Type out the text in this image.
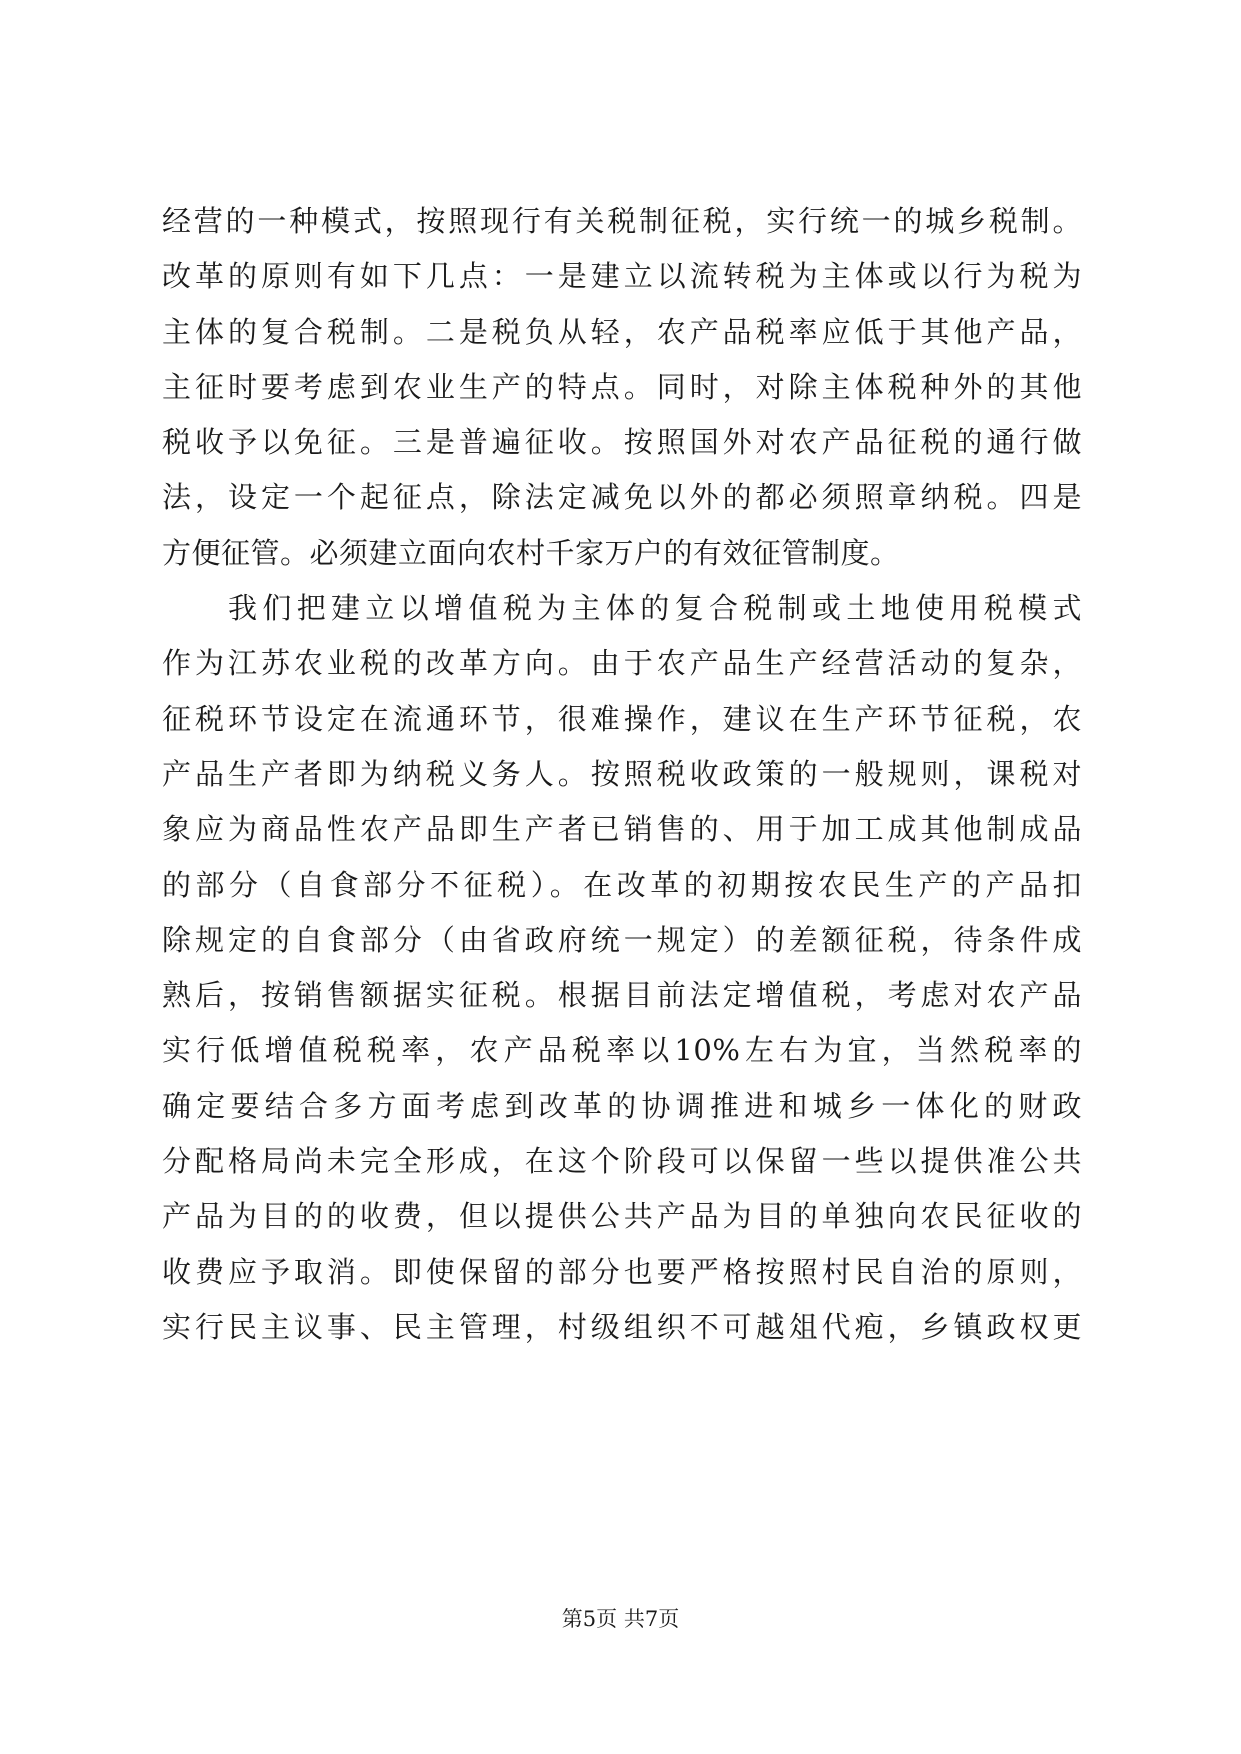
经营的一种模式，按照现行有关税制征税，实行统一的城乡税制。
改革的原则有如下几点：一是建立以流转税为主体或以行为税为
主体的复合税制。二是税负从轻，农产品税率应低于其他产品，
主征时要考虑到农业生产的特点。同时，对除主体税种外的其他
税收予以免征。三是普遍征收。按照国外对农产品征税的通行做
法，设定一个起征点，除法定减免以外的都必须照章纳税。四是
方便征管。必须建立面向农村千家万户的有效征管制度。
我们把建立以增值税为主体的复合税制或土地使用税模式
作为江苏农业税的改革方向。由于农产品生产经营活动的复杂，
征税环节设定在流通环节，很难操作，建议在生产环节征税，农
产品生产者即为纳税义务人。按照税收政策的一般规则，课税对
象应为商品性农产品即生产者已销售的、用于加工成其他制成品
的部分（自食部分不征税）。在改革的初期按农民生产的产品扣
除规定的自食部分（由省政府统一规定）的差额征税，待条件成
熟后，按销售额据实征税。根据目前法定增值税，考虑对农产品
实行低增值税税率，农产品税率以10%左右为宜，当然税率的
确定要结合多方面考虑到改革的协调推进和城乡一体化的财政
分配格局尚未完全形成，在这个阶段可以保留一些以提供准公共
产品为目的的收费，但以提供公共产品为目的单独向农民征收的
收费应予取消。即使保留的部分也要严格按照村民自治的原则，
实行民主议事、民主管理，村级组织不可越俎代疱，乡镇政权更
第5页 共7页
